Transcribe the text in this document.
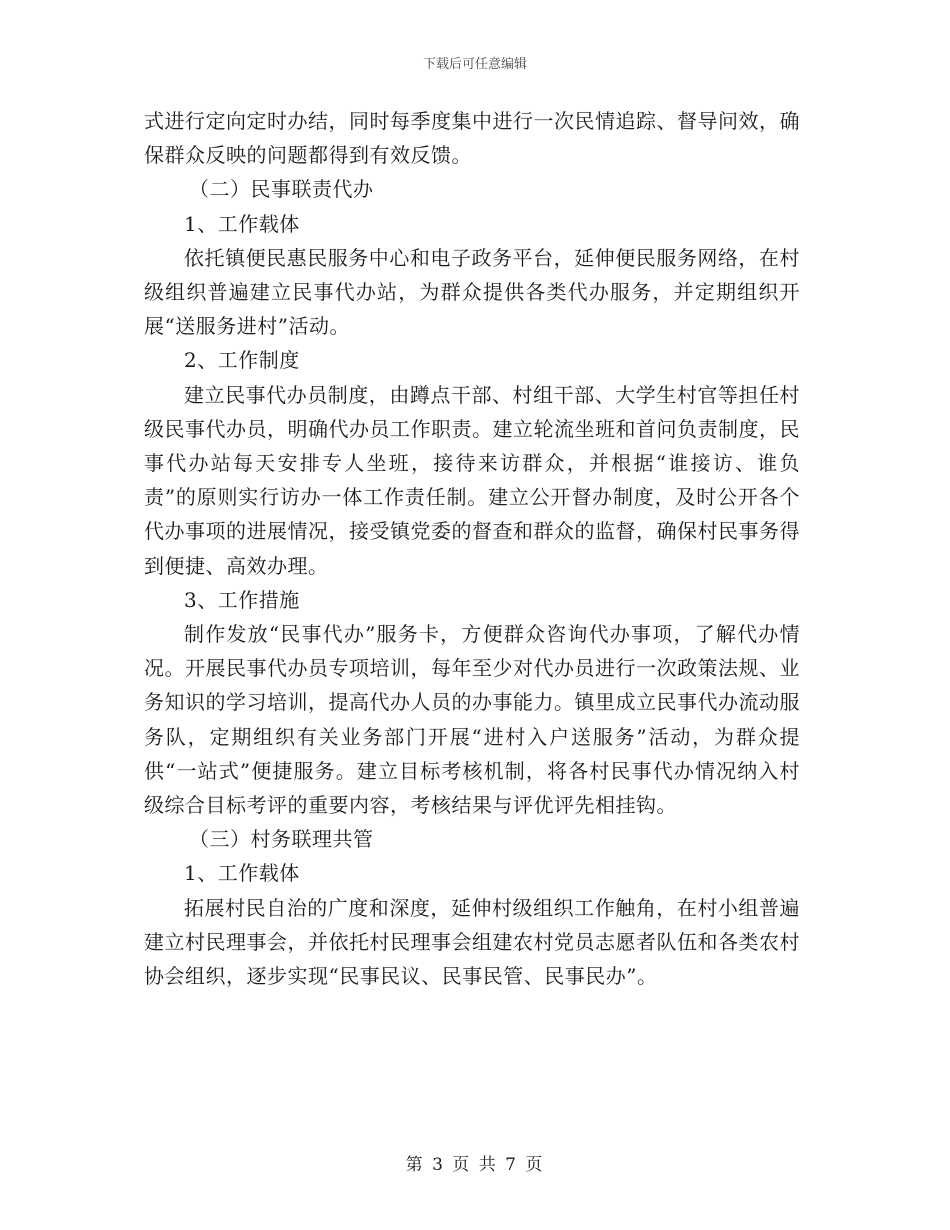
下载后可任意编辑

式进行定向定时办结，同时每季度集中进行一次民情追踪、督导问效，确保群众反映的问题都得到有效反馈。

（二）民事联责代办

1、工作载体

依托镇便民惠民服务中心和电子政务平台，延伸便民服务网络，在村级组织普遍建立民事代办站，为群众提供各类代办服务，并定期组织开展“送服务进村”活动。

2、工作制度

建立民事代办员制度，由蹲点干部、村组干部、大学生村官等担任村级民事代办员，明确代办员工作职责。建立轮流坐班和首问负责制度，民事代办站每天安排专人坐班，接待来访群众，并根据“谁接访、谁负责”的原则实行访办一体工作责任制。建立公开督办制度，及时公开各个代办事项的进展情况，接受镇党委的督查和群众的监督，确保村民事务得到便捷、高效办理。

3、工作措施

制作发放“民事代办”服务卡，方便群众咨询代办事项，了解代办情况。开展民事代办员专项培训，每年至少对代办员进行一次政策法规、业务知识的学习培训，提高代办人员的办事能力。镇里成立民事代办流动服务队，定期组织有关业务部门开展“进村入户送服务”活动，为群众提供“一站式”便捷服务。建立目标考核机制，将各村民事代办情况纳入村级综合目标考评的重要内容，考核结果与评优评先相挂钩。

（三）村务联理共管

1、工作载体

拓展村民自治的广度和深度，延伸村级组织工作触角，在村小组普遍建立村民理事会，并依托村民理事会组建农村党员志愿者队伍和各类农村协会组织，逐步实现“民事民议、民事民管、民事民办”。

第 3 页 共 7 页
